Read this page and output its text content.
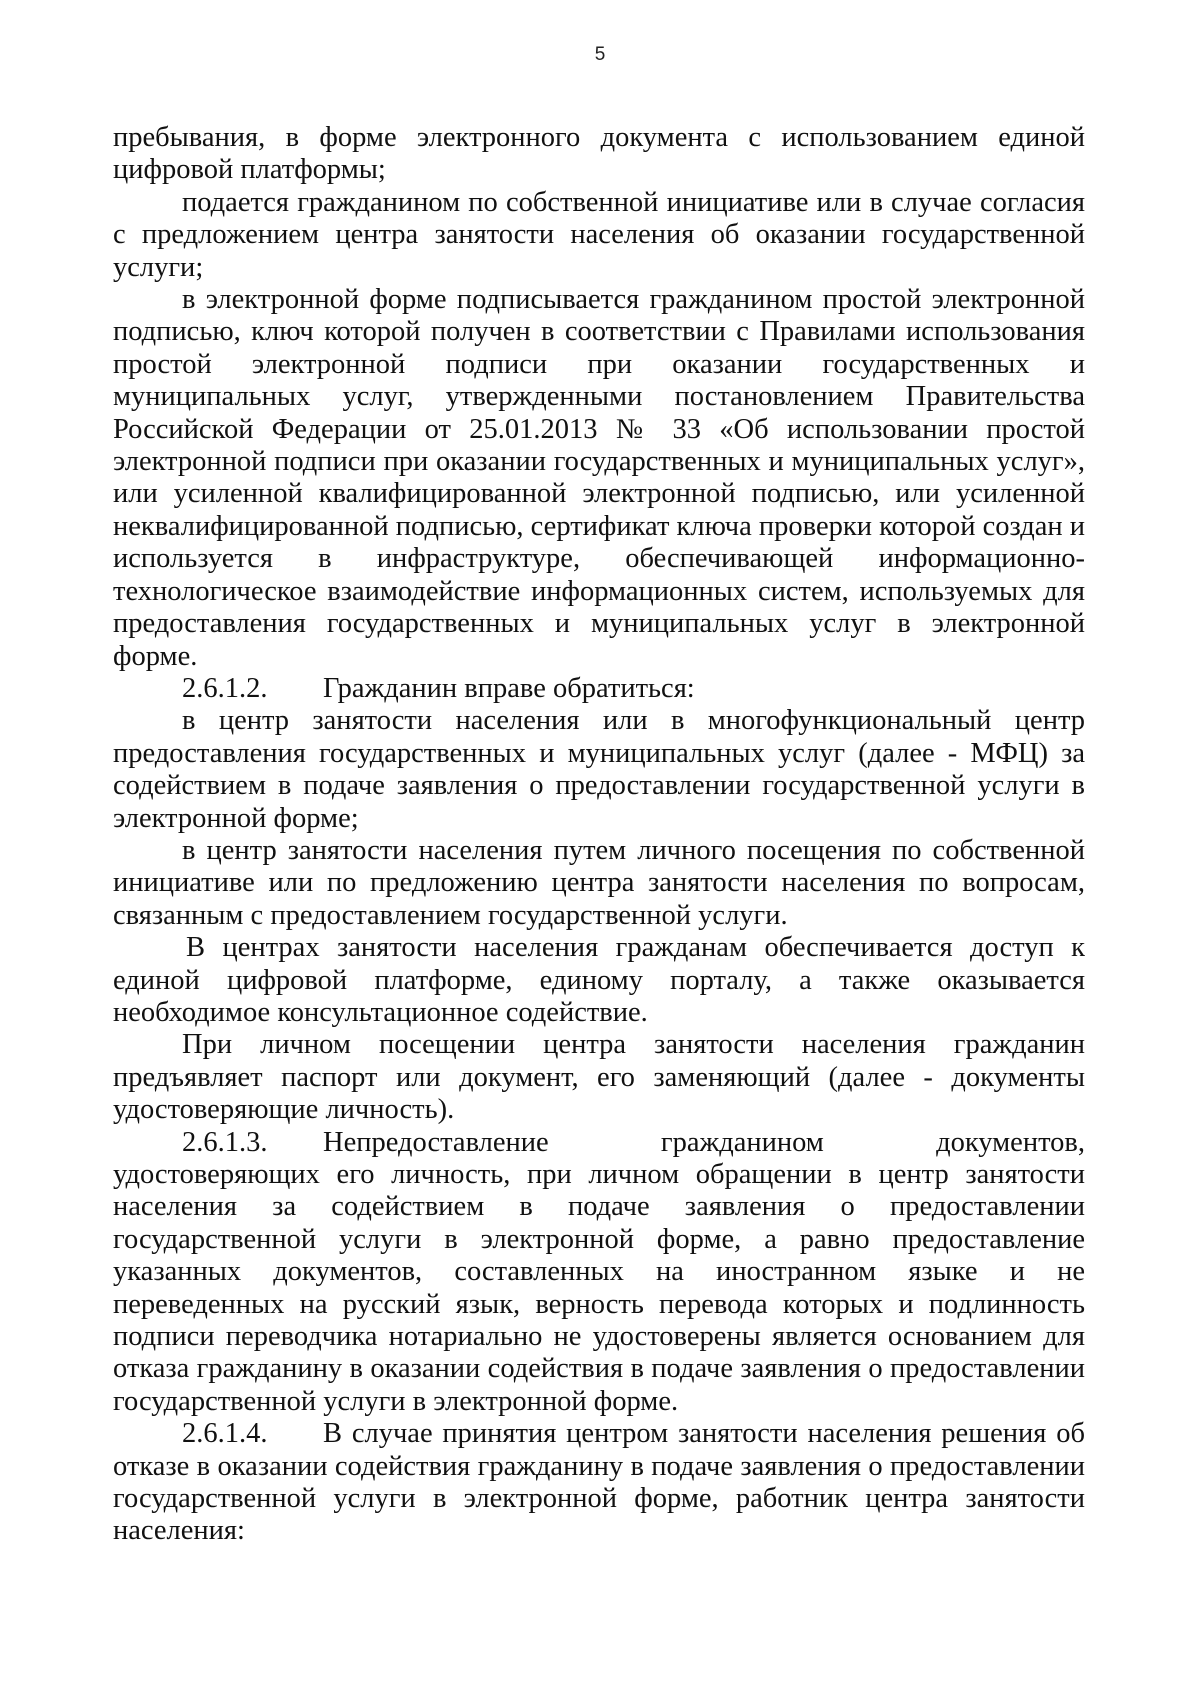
5

пребывания, в форме электронного документа с использованием единой цифровой платформы;

подается гражданином по собственной инициативе или в случае согласия с предложением центра занятости населения об оказании государственной услуги;

в электронной форме подписывается гражданином простой электронной подписью, ключ которой получен в соответствии с Правилами использования простой электронной подписи при оказании государственных и муниципальных услуг, утвержденными постановлением Правительства Российской Федерации от 25.01.2013 № 33 «Об использовании простой электронной подписи при оказании государственных и муниципальных услуг», или усиленной квалифицированной электронной подписью, или усиленной неквалифицированной подписью, сертификат ключа проверки которой создан и используется в инфраструктуре, обеспечивающей информационно-технологическое взаимодействие информационных систем, используемых для предоставления государственных и муниципальных услуг в электронной форме.

2.6.1.2. Гражданин вправе обратиться:

в центр занятости населения или в многофункциональный центр предоставления государственных и муниципальных услуг (далее - МФЦ) за содействием в подаче заявления о предоставлении государственной услуги в электронной форме;

в центр занятости населения путем личного посещения по собственной инициативе или по предложению центра занятости населения по вопросам, связанным с предоставлением государственной услуги.

В центрах занятости населения гражданам обеспечивается доступ к единой цифровой платформе, единому порталу, а также оказывается необходимое консультационное содействие.

При личном посещении центра занятости населения гражданин предъявляет паспорт или документ, его заменяющий (далее - документы удостоверяющие личность).

2.6.1.3. Непредоставление гражданином документов, удостоверяющих его личность, при личном обращении в центр занятости населения за содействием в подаче заявления о предоставлении государственной услуги в электронной форме, а равно предоставление указанных документов, составленных на иностранном языке и не переведенных на русский язык, верность перевода которых и подлинность подписи переводчика нотариально не удостоверены является основанием для отказа гражданину в оказании содействия в подаче заявления о предоставлении государственной услуги в электронной форме.

2.6.1.4. В случае принятия центром занятости населения решения об отказе в оказании содействия гражданину в подаче заявления о предоставлении государственной услуги в электронной форме, работник центра занятости населения:
